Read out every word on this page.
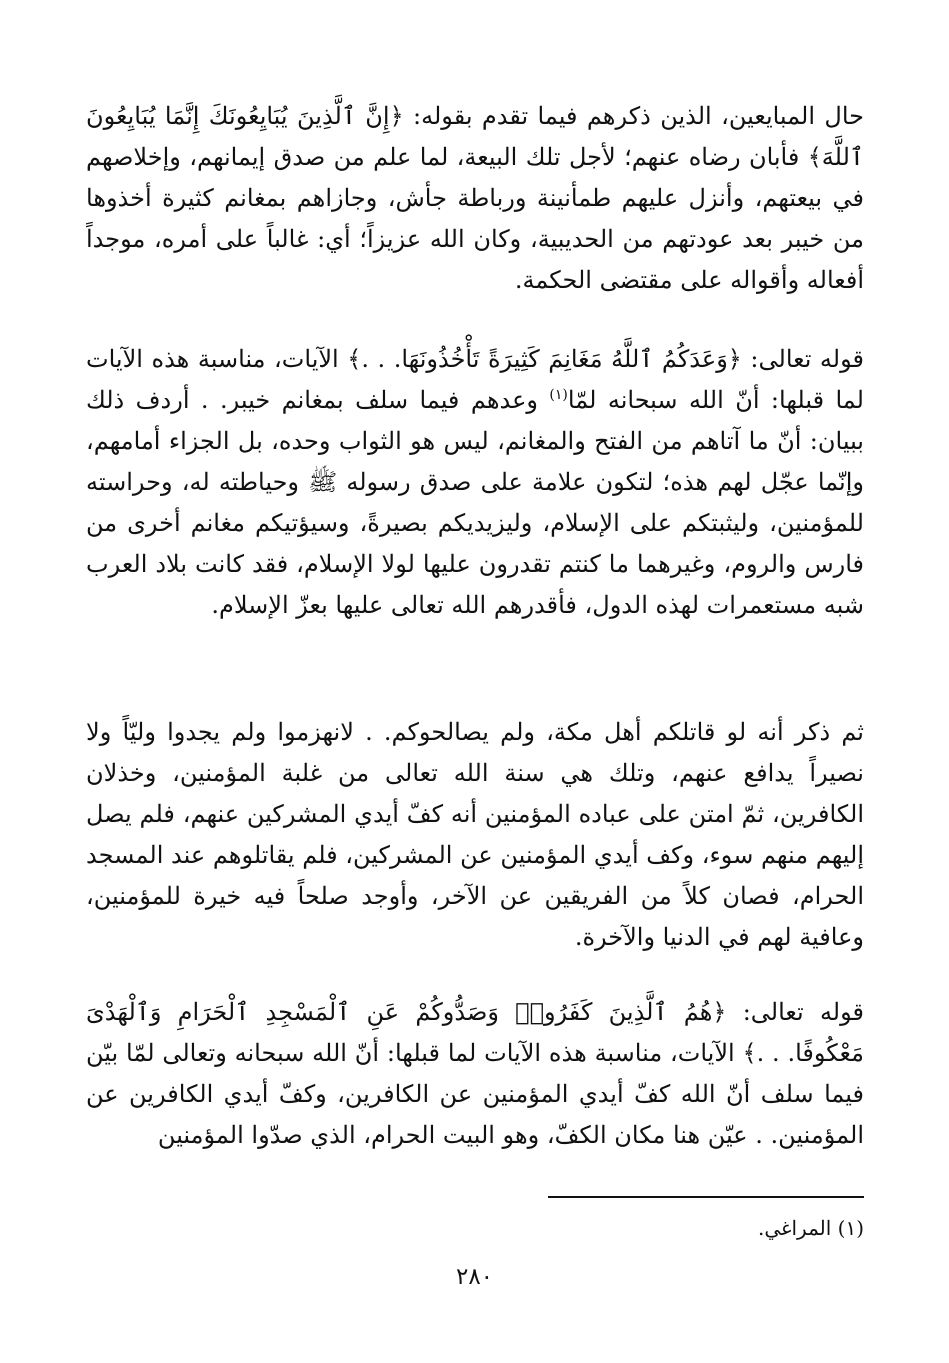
حال المبايعين، الذين ذكرهم فيما تقدم بقوله: ﴿إِنَّ ٱلَّذِينَ يُبَايِعُونَكَ إِنَّمَا يُبَايِعُونَ ٱللَّهَ﴾ فأبان رضاه عنهم؛ لأجل تلك البيعة، لما علم من صدق إيمانهم، وإخلاصهم في بيعتهم، وأنزل عليهم طمأنينة ورباطة جأش، وجازاهم بمغانم كثيرة أخذوها من خيبر بعد عودتهم من الحديبية، وكان الله عزيزاً؛ أي: غالباً على أمره، موجداً أفعاله وأقواله على مقتضى الحكمة.

قوله تعالى: ﴿وَعَدَكُمُ ٱللَّهُ مَغَانِمَ كَثِيرَةً تَأْخُذُونَهَا. . .﴾ الآيات، مناسبة هذه الآيات لما قبلها: أنّ الله سبحانه لمّا$^{(١)}$ وعدهم فيما سلف بمغانم خيبر. . أردف ذلك ببيان: أنّ ما آتاهم من الفتح والمغانم، ليس هو الثواب وحده، بل الجزاء أمامهم، وإنّما عجّل لهم هذه؛ لتكون علامة على صدق رسوله ﷺ وحياطته له، وحراسته للمؤمنين، وليثبتكم على الإسلام، وليزيديكم بصيرةً، وسيؤتيكم مغانم أخرى من فارس والروم، وغيرهما ما كنتم تقدرون عليها لولا الإسلام، فقد كانت بلاد العرب شبه مستعمرات لهذه الدول، فأقدرهم الله تعالى عليها بعزّ الإسلام.

ثم ذكر أنه لو قاتلكم أهل مكة، ولم يصالحوكم. . لانهزموا ولم يجدوا وليّاً ولا نصيراً يدافع عنهم، وتلك هي سنة الله تعالى من غلبة المؤمنين، وخذلان الكافرين، ثمّ امتن على عباده المؤمنين أنه كفّ أيدي المشركين عنهم، فلم يصل إليهم منهم سوء، وكف أيدي المؤمنين عن المشركين، فلم يقاتلوهم عند المسجد الحرام، فصان كلاً من الفريقين عن الآخر، وأوجد صلحاً فيه خيرة للمؤمنين، وعافية لهم في الدنيا والآخرة.

قوله تعالى: ﴿هُمُ ٱلَّذِينَ كَفَرُوا۟ وَصَدُّوكُمْ عَنِ ٱلْمَسْجِدِ ٱلْحَرَامِ وَٱلْهَدْىَ مَعْكُوفًا. . .﴾ الآيات، مناسبة هذه الآيات لما قبلها: أنّ الله سبحانه وتعالى لمّا بيّن فيما سلف أنّ الله كفّ أيدي المؤمنين عن الكافرين، وكفّ أيدي الكافرين عن المؤمنين. . عيّن هنا مكان الكفّ، وهو البيت الحرام، الذي صدّوا المؤمنين

(١) المراغي.

٢٨٠
